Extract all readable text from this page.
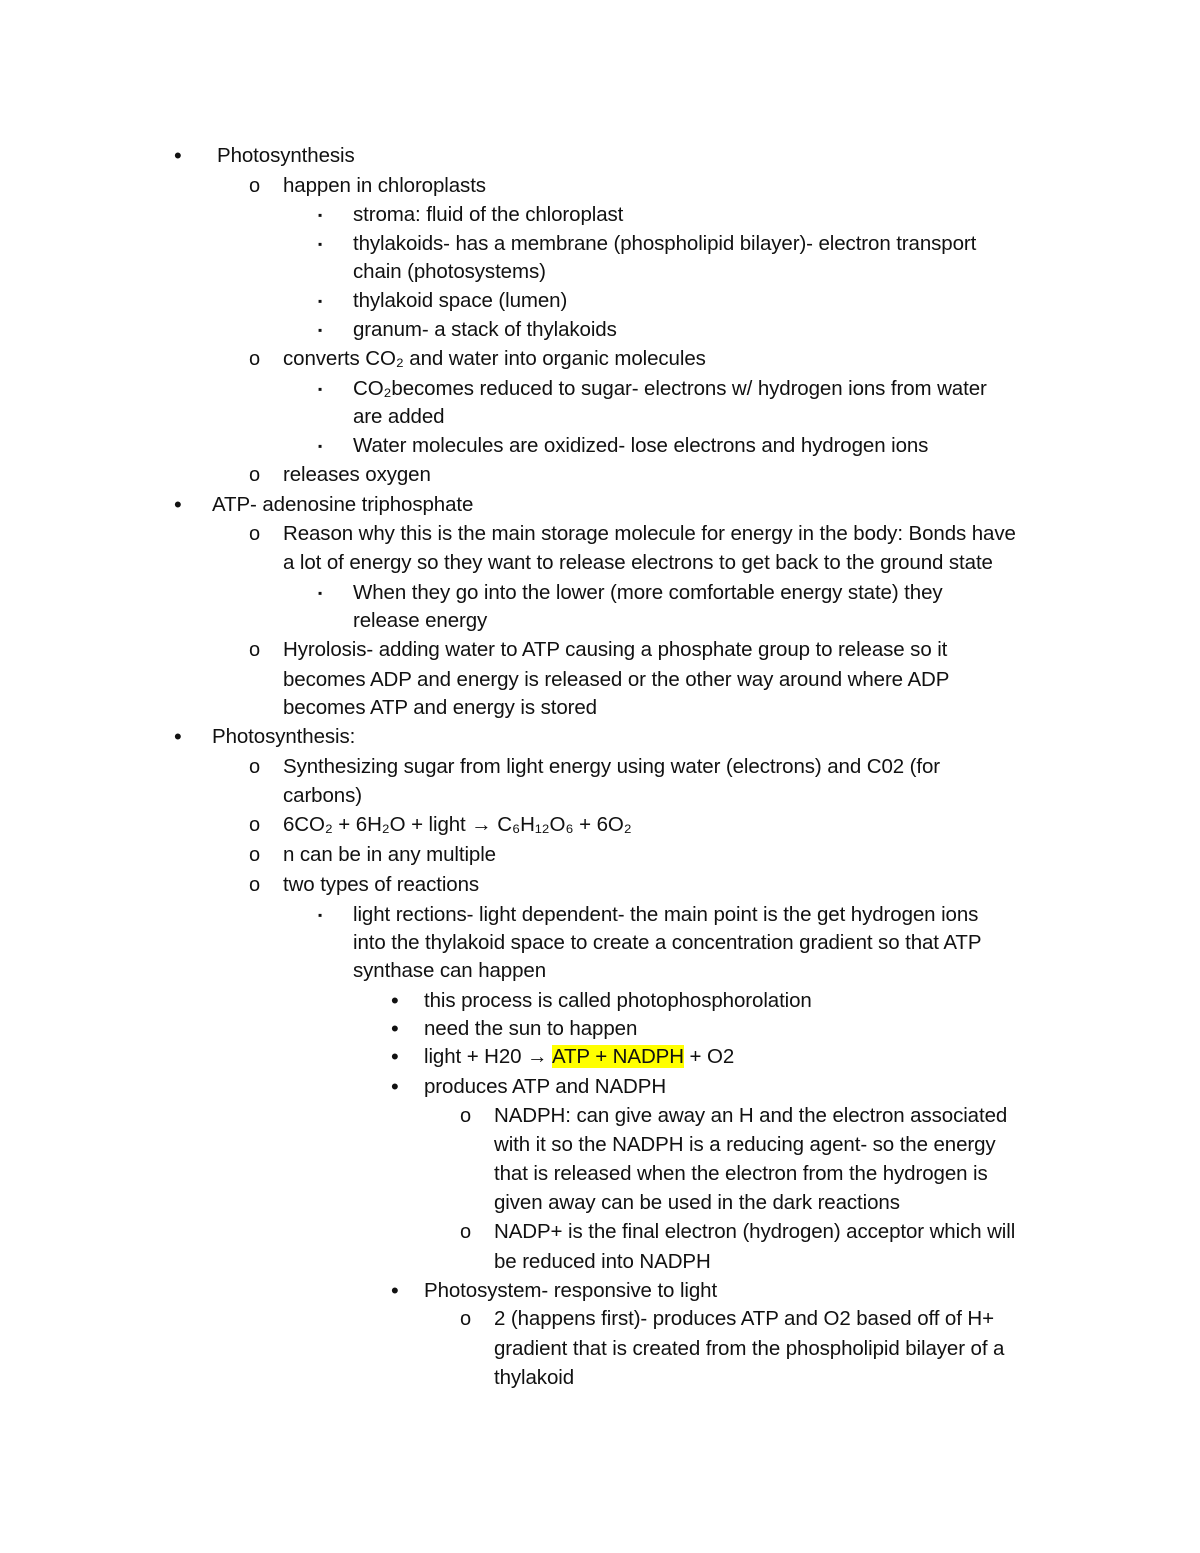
• Photosynthesis
o happen in chloroplasts
▪ stroma: fluid of the chloroplast
▪ thylakoids- has a membrane (phospholipid bilayer)- electron transport
chain (photosystems)
▪ thylakoid space (lumen)
▪ granum- a stack of thylakoids
o converts CO₂ and water into organic molecules
▪ CO₂becomes reduced to sugar- electrons w/ hydrogen ions from water
are added
▪ Water molecules are oxidized- lose electrons and hydrogen ions
o releases oxygen
• ATP- adenosine triphosphate
o Reason why this is the main storage molecule for energy in the body: Bonds have
a lot of energy so they want to release electrons to get back to the ground state
▪ When they go into the lower (more comfortable energy state) they
release energy
o Hyrolosis- adding water to ATP causing a phosphate group to release so it
becomes ADP and energy is released or the other way around where ADP
becomes ATP and energy is stored
• Photosynthesis:
o Synthesizing sugar from light energy using water (electrons) and C02 (for
carbons)
o 6CO₂ + 6H₂O + light → C₆H₁₂O₆ + 6O₂
o n can be in any multiple
o two types of reactions
▪ light rections- light dependent- the main point is the get hydrogen ions
into the thylakoid space to create a concentration gradient so that ATP
synthase can happen
• this process is called photophosphorolation
• need the sun to happen
• light + H20 → ATP + NADPH + O2
• produces ATP and NADPH
o NADPH: can give away an H and the electron associated
with it so the NADPH is a reducing agent- so the energy
that is released when the electron from the hydrogen is
given away can be used in the dark reactions
o NADP+ is the final electron (hydrogen) acceptor which will
be reduced into NADPH
• Photosystem- responsive to light
o 2 (happens first)- produces ATP and O2 based off of H+
gradient that is created from the phospholipid bilayer of a
thylakoid
